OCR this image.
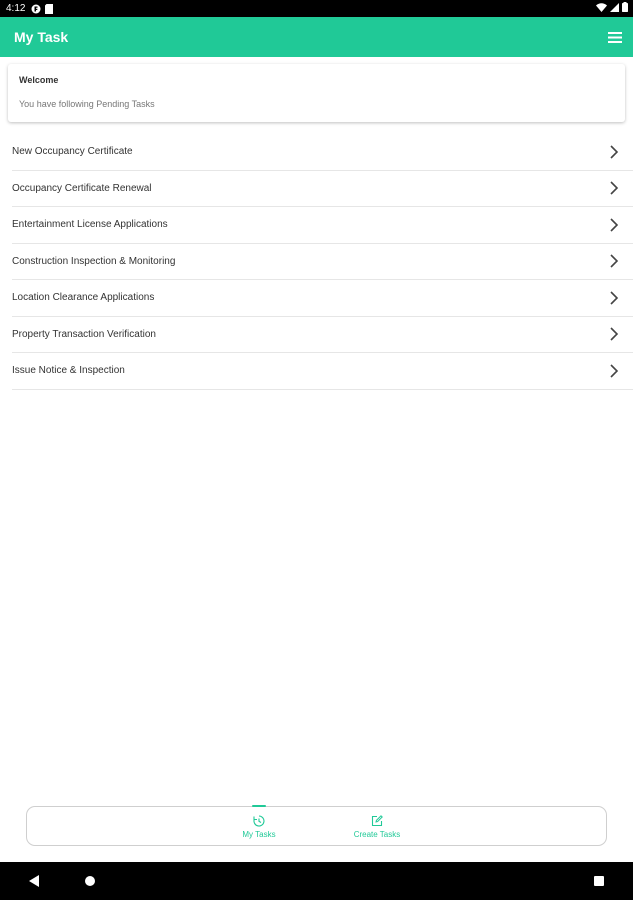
4:12
My Task
Welcome
You have following Pending Tasks
New Occupancy Certificate
Occupancy Certificate Renewal
Entertainment License Applications
Construction Inspection & Monitoring
Location Clearance Applications
Property Transaction Verification
Issue Notice & Inspection
My Tasks	Create Tasks
